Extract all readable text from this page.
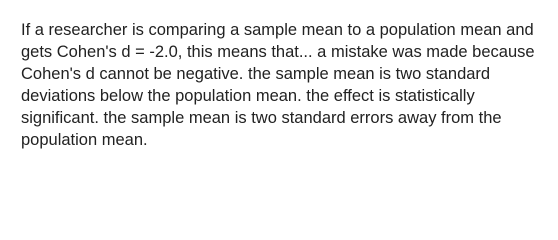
If a researcher is comparing a sample mean to a population mean and gets Cohen's d = -2.0, this means that... a mistake was made because Cohen's d cannot be negative. the sample mean is two standard deviations below the population mean. the effect is statistically significant. the sample mean is two standard errors away from the population mean.
